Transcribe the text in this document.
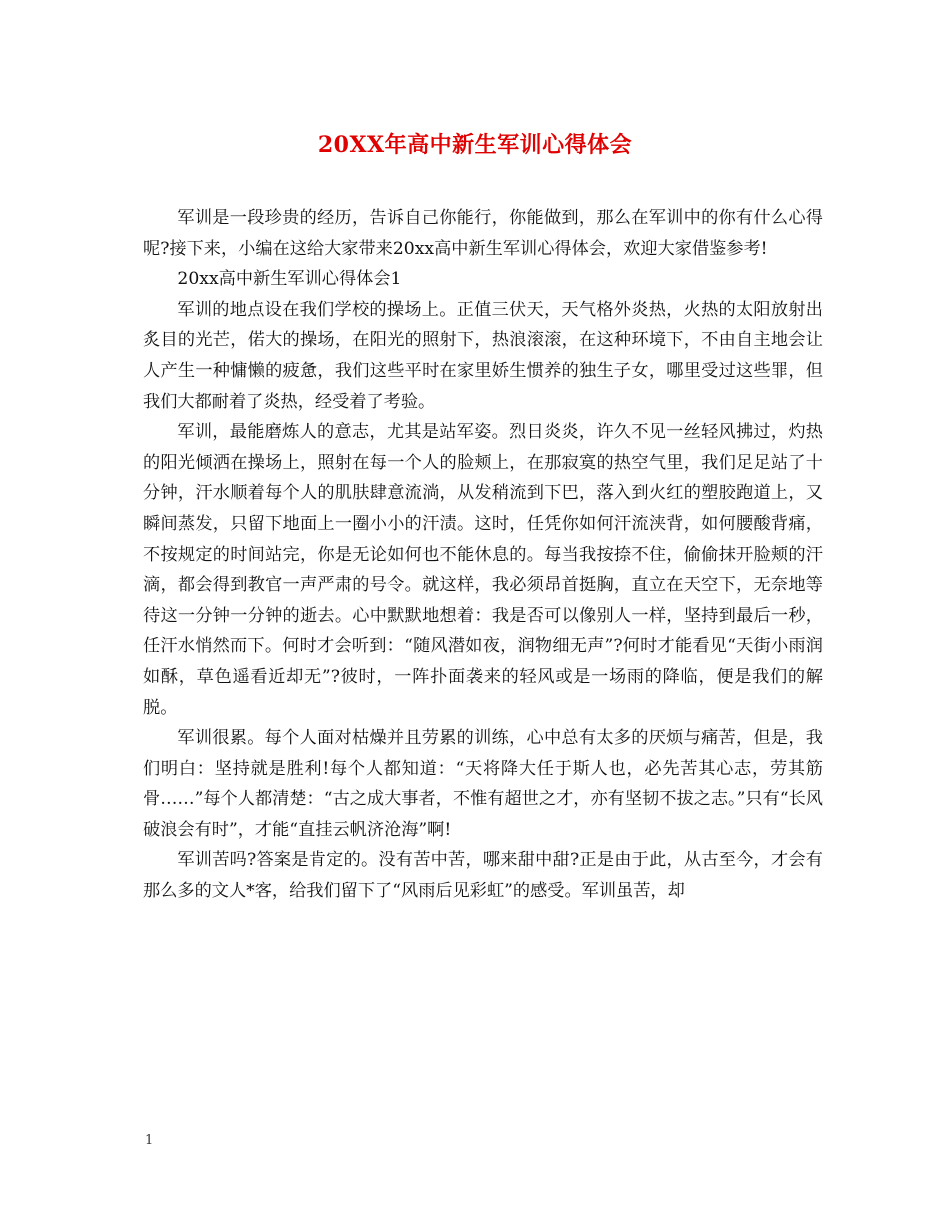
20XX年高中新生军训心得体会

军训是一段珍贵的经历，告诉自己你能行，你能做到，那么在军训中的你有什么心得呢?接下来，小编在这给大家带来20xx高中新生军训心得体会，欢迎大家借鉴参考!

20xx高中新生军训心得体会1

军训的地点设在我们学校的操场上。正值三伏天，天气格外炎热，火热的太阳放射出炙目的光芒，偌大的操场，在阳光的照射下，热浪滚滚，在这种环境下，不由自主地会让人产生一种慵懒的疲惫，我们这些平时在家里娇生惯养的独生子女，哪里受过这些罪，但我们大都耐着了炎热，经受着了考验。

军训，最能磨炼人的意志，尤其是站军姿。烈日炎炎，许久不见一丝轻风拂过，灼热的阳光倾洒在操场上，照射在每一个人的脸颊上，在那寂寞的热空气里，我们足足站了十分钟，汗水顺着每个人的肌肤肆意流淌，从发稍流到下巴，落入到火红的塑胶跑道上，又瞬间蒸发，只留下地面上一圈小小的汗渍。这时，任凭你如何汗流浃背，如何腰酸背痛，不按规定的时间站完，你是无论如何也不能休息的。每当我按捺不住，偷偷抹开脸颊的汗滴，都会得到教官一声严肃的号令。就这样，我必须昂首挺胸，直立在天空下，无奈地等待这一分钟一分钟的逝去。心中默默地想着：我是否可以像别人一样，坚持到最后一秒，任汗水悄然而下。何时才会听到：“随风潜如夜，润物细无声”?何时才能看见“天街小雨润如酥，草色遥看近却无”?彼时，一阵扑面袭来的轻风或是一场雨的降临，便是我们的解脱。

军训很累。每个人面对枯燥并且劳累的训练，心中总有太多的厌烦与痛苦，但是，我们明白：坚持就是胜利!每个人都知道：“天将降大任于斯人也，必先苦其心志，劳其筋骨……”每个人都清楚：“古之成大事者，不惟有超世之才，亦有坚韧不拔之志。”只有“长风破浪会有时”，才能“直挂云帆济沧海”啊!

军训苦吗?答案是肯定的。没有苦中苦，哪来甜中甜?正是由于此，从古至今，才会有那么多的文人*客，给我们留下了“风雨后见彩虹”的感受。军训虽苦，却

1
